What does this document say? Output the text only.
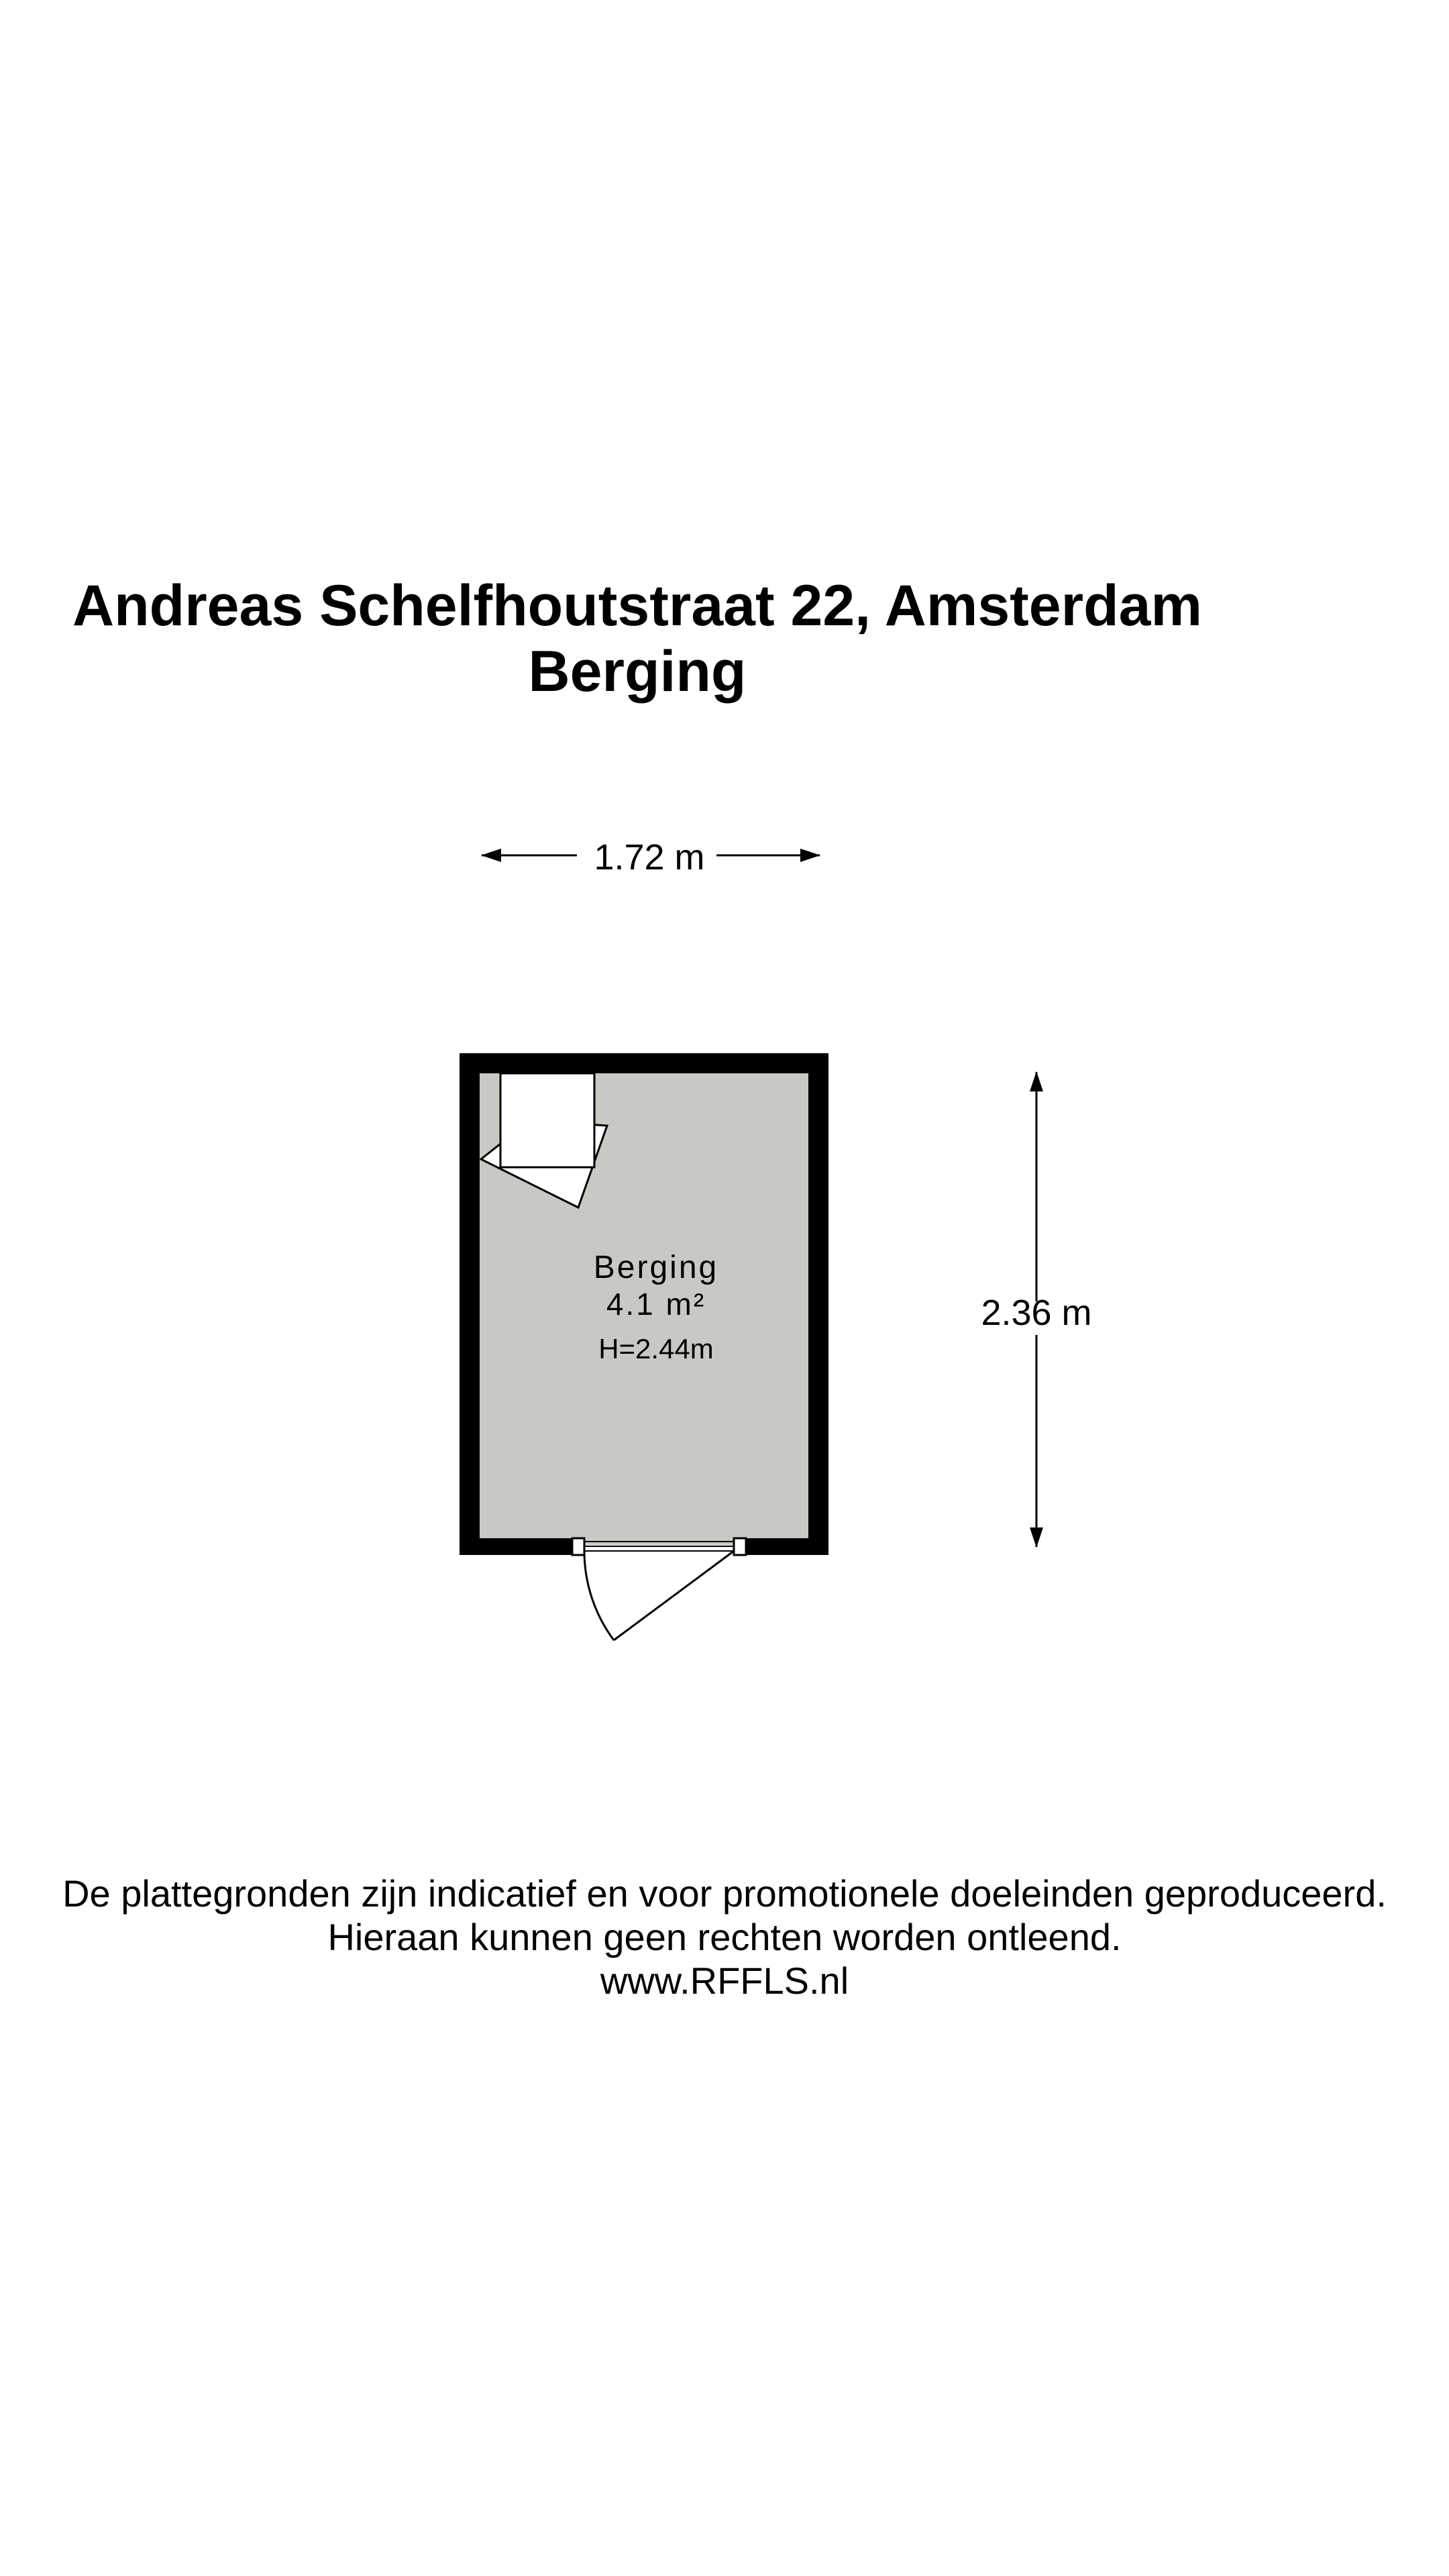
Andreas Schelfhoutstraat 22, Amsterdam
Berging
1.72 m
Berging
4.1 m²
H=2.44m
2.36 m

De plattegronden zijn indicatief en voor promotionele doeleinden geproduceerd.

Hieraan kunnen geen rechten worden ontleend.

www.RFFLS.nl
